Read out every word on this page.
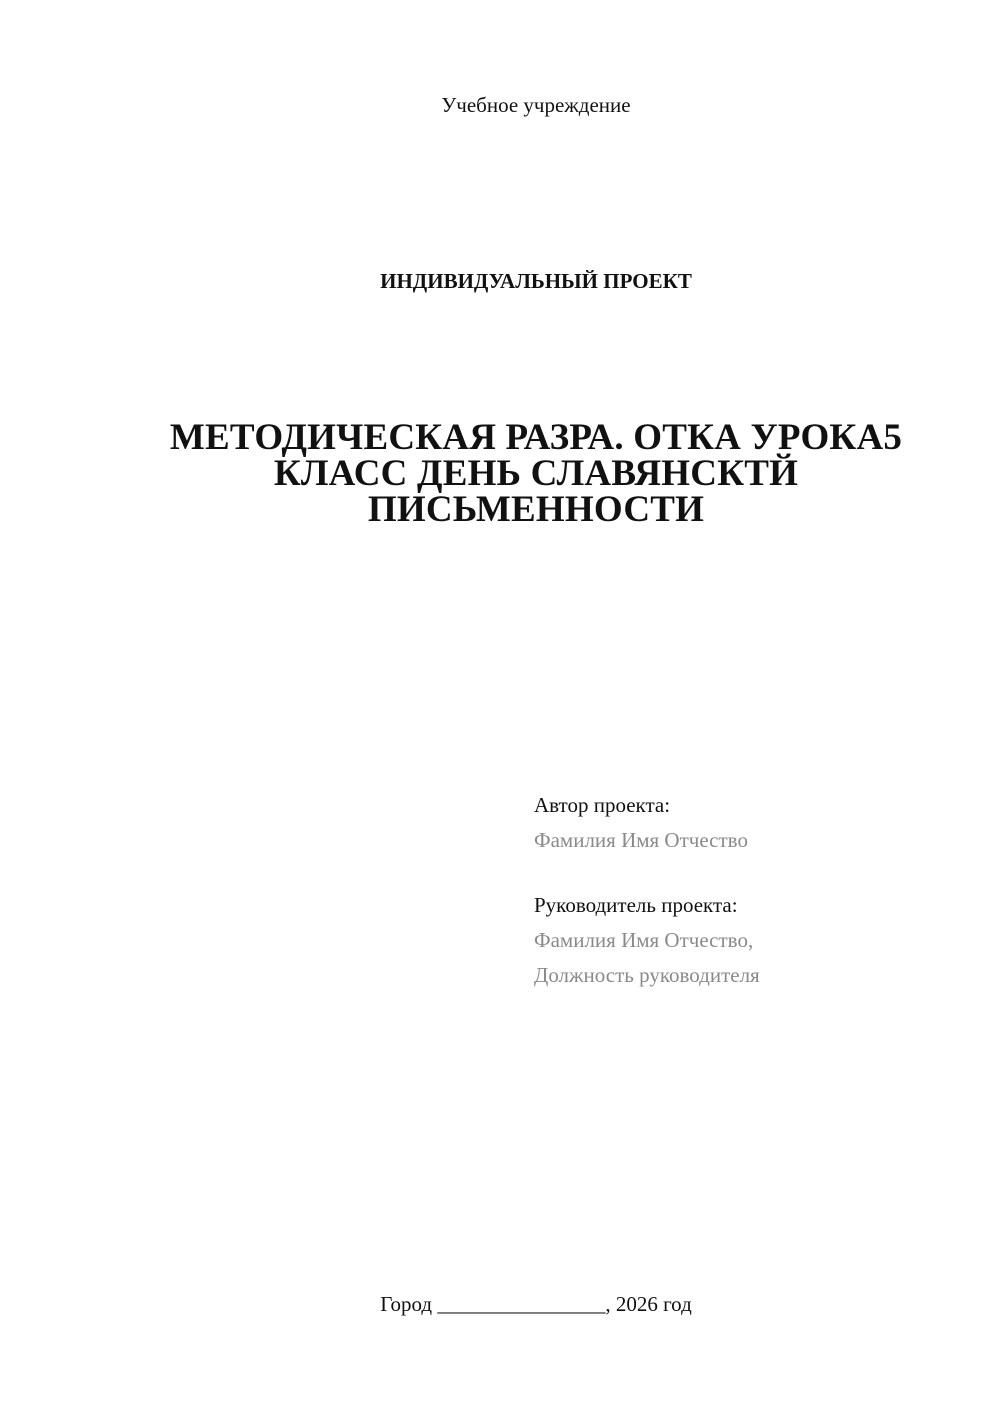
Учебное учреждение
ИНДИВИДУАЛЬНЫЙ ПРОЕКТ
МЕТОДИЧЕСКАЯ РАЗРА. ОТКА УРОКА5
КЛАСС ДЕНЬ СЛАВЯНСКТЙ
ПИСЬМЕННОСТИ
Автор проекта:
Фамилия Имя Отчество
Руководитель проекта:
Фамилия Имя Отчество,
Должность руководителя
Город ________________, 2026 год
